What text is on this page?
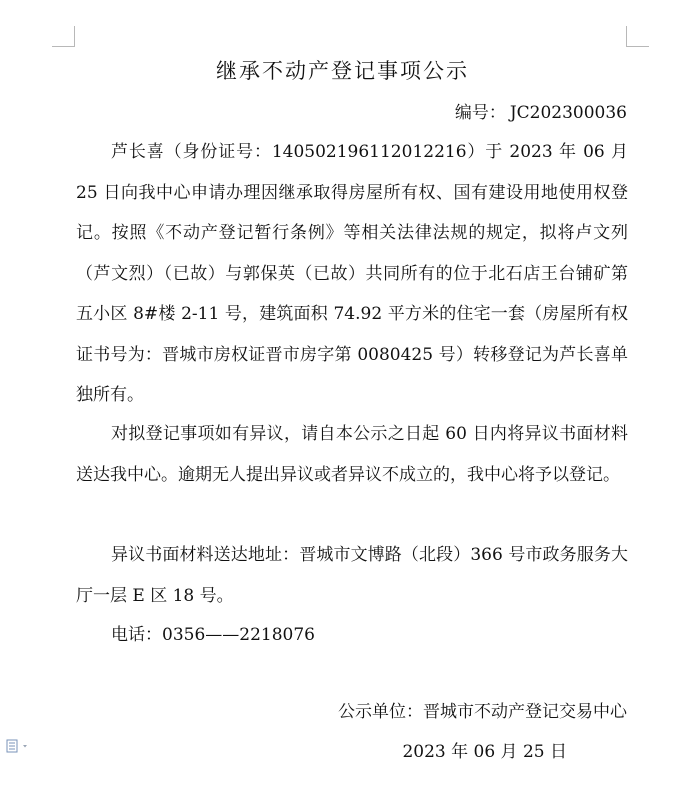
继承不动产登记事项公示
编号： JC202300036

芦长喜（身份证号：140502196112012216）于 2023 年 06 月 25 日向我中心申请办理因继承取得房屋所有权、国有建设用地使用权登记。按照《不动产登记暂行条例》等相关法律法规的规定，拟将卢文列（芦文烈）（已故）与郭保英（已故）共同所有的位于北石店王台铺矿第五小区 8#楼 2-11 号，建筑面积 74.92 平方米的住宅一套（房屋所有权证书号为：晋城市房权证晋市房字第 0080425 号）转移登记为芦长喜单独所有。

对拟登记事项如有异议，请自本公示之日起 60 日内将异议书面材料送达我中心。逾期无人提出异议或者异议不成立的，我中心将予以登记。

异议书面材料送达地址：晋城市文博路（北段）366 号市政务服务大厅一层 E 区 18 号。

电话：0356——2218076

公示单位：晋城市不动产登记交易中心
2023 年 06 月 25 日
